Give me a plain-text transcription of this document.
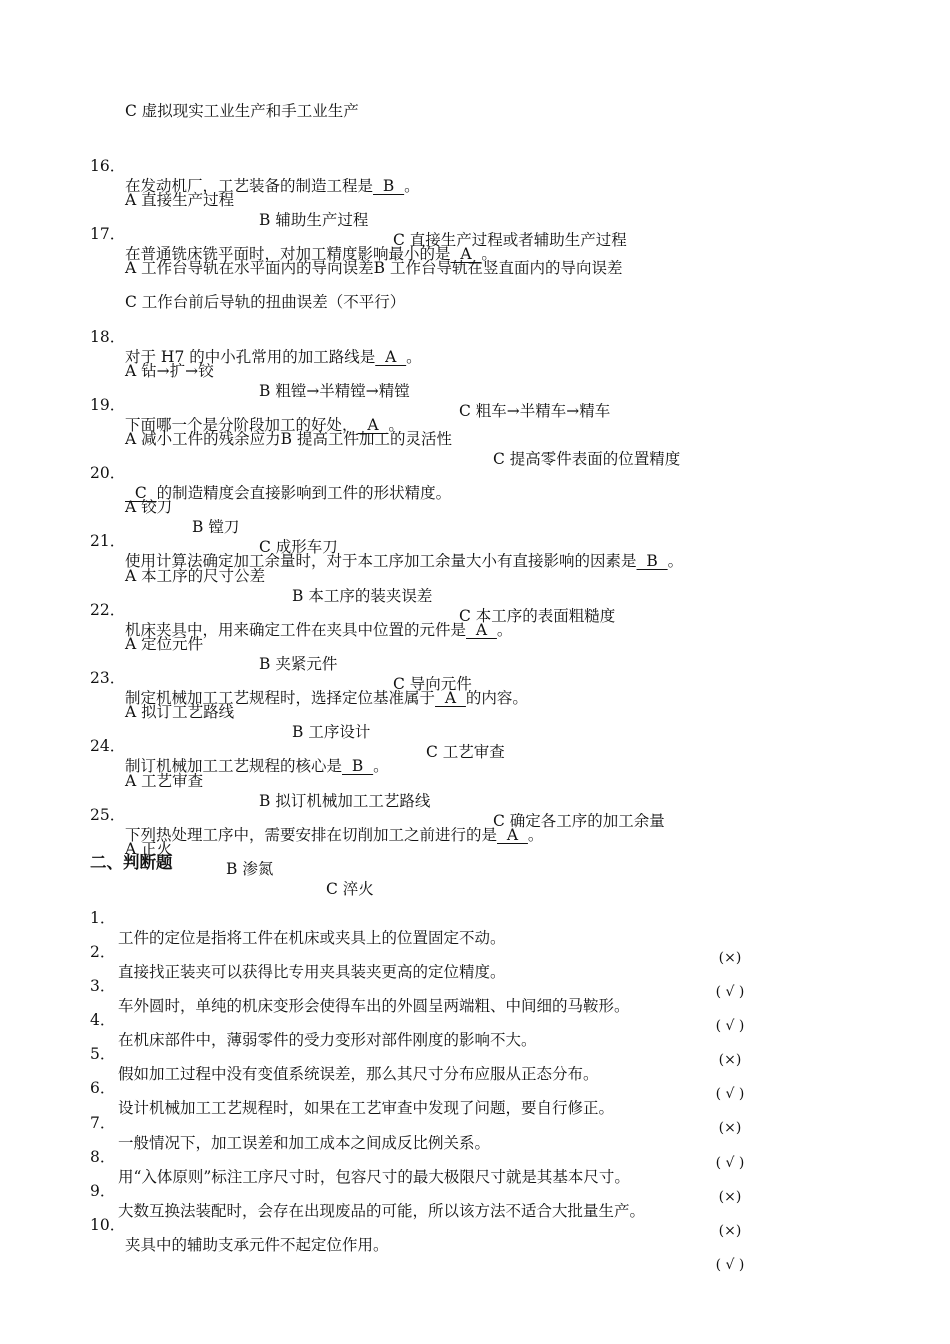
C 虚拟现实工业生产和手工业生产

16．

在发动机厂，工艺装备的制造工程是  B  。

A 直接生产过程

B 辅助生产过程

C 直接生产过程或者辅助生产过程

17．

在普通铣床铣平面时，对加工精度影响最小的是  A  。

A 工作台导轨在水平面内的导向误差B 工作台导轨在竖直面内的导向误差

C 工作台前后导轨的扭曲误差（不平行）

18．

对于 H7 的中小孔常用的加工路线是  A  。

A 钻→扩→铰

B 粗镗→半精镗→精镗

C 粗车→半精车→精车

19．

下面哪一个是分阶段加工的好处，  A  。

A 减小工件的残余应力B 提高工件加工的灵活性

C 提高零件表面的位置精度

20．

C  的制造精度会直接影响到工件的形状精度。

A 铰刀

B 镗刀

C 成形车刀

21．

使用计算法确定加工余量时，对于本工序加工余量大小有直接影响的因素是  B  。

A 本工序的尺寸公差

B 本工序的装夹误差

C 本工序的表面粗糙度

22．

机床夹具中，用来确定工件在夹具中位置的元件是  A  。

A 定位元件

B 夹紧元件

C 导向元件

23．

制定机械加工工艺规程时，选择定位基准属于  A  的内容。

A 拟订工艺路线

B 工序设计

C 工艺审查

24．

制订机械加工工艺规程的核心是  B  。

A 工艺审查

B 拟订机械加工工艺路线

C 确定各工序的加工余量

25．

下列热处理工序中，需要安排在切削加工之前进行的是  A  。

A 正火

B 渗氮

C 淬火

二、判断题

1．

工件的定位是指将工件在机床或夹具上的位置固定不动。

(×)

2．

直接找正装夹可以获得比专用夹具装夹更高的定位精度。

( √ )

3．

车外圆时，单纯的机床变形会使得车出的外圆呈两端粗、中间细的马鞍形。

( √ )

4．

在机床部件中，薄弱零件的受力变形对部件刚度的影响不大。

(×)

5．

假如加工过程中没有变值系统误差，那么其尺寸分布应服从正态分布。

( √ )

6．

设计机械加工工艺规程时，如果在工艺审查中发现了问题，要自行修正。

(×)

7．

一般情况下，加工误差和加工成本之间成反比例关系。

( √ )

8．

用“入体原则”标注工序尺寸时，包容尺寸的最大极限尺寸就是其基本尺寸。

(×)

9．

大数互换法装配时，会存在出现废品的可能，所以该方法不适合大批量生产。

(×)

10．

夹具中的辅助支承元件不起定位作用。

( √ )
